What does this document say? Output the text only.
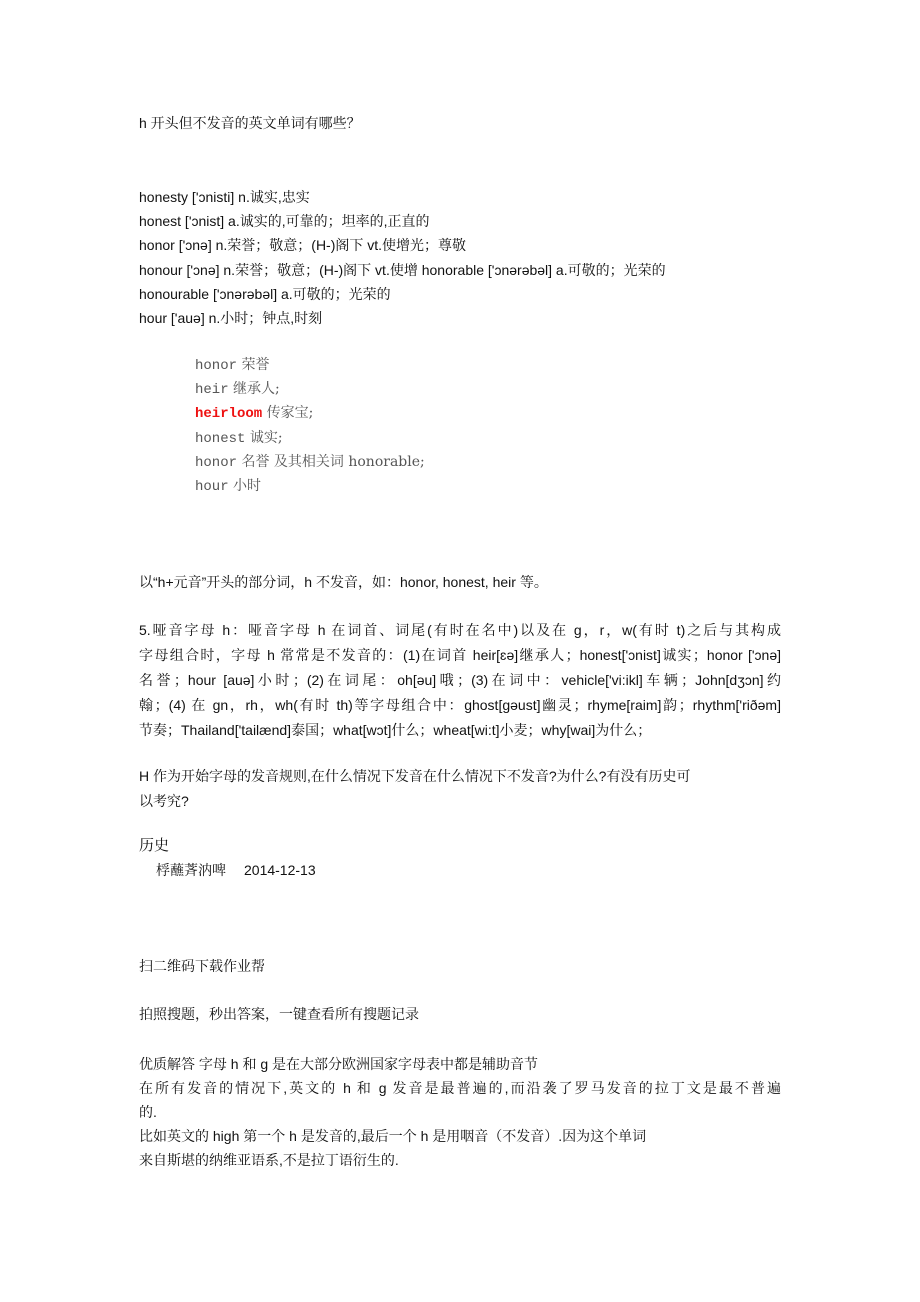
h 开头但不发音的英文单词有哪些？
honesty ['ɔnisti] n.诚实,忠实
honest ['ɔnist] a.诚实的,可靠的；坦率的,正直的
honor ['ɔnə] n.荣誉；敬意；(H-)阁下 vt.使增光；尊敬
honour ['ɔnə] n.荣誉；敬意；(H-)阁下 vt.使增 honorable ['ɔnərəbəl] a.可敬的；光荣的
honourable ['ɔnərəbəl] a.可敬的；光荣的
hour ['auə] n.小时；钟点,时刻
honor 荣誉
heir 继承人;
heirloom 传家宝;
honest 诚实;
honor 名誉 及其相关词 honorable;
hour 小时
以“h+元音”开头的部分词，h 不发音，如：honor, honest, heir 等。
5.哑音字母 h：哑音字母 h 在词首、词尾(有时在名中)以及在 g，r，w(有时 t)之后与其构成
字母组合时，字母 h 常常是不发音的：(1)在词首 heir[ɛə]继承人；honest['ɔnist]诚实；honor ['ɔnə]
名誉；hour [auə]小时；(2)在词尾：oh[əu]哦；(3)在词中：vehicle['vi:ikl]车辆；John[dʒɔn]约
翰；(4) 在 gn，rh，wh(有时 th)等字母组合中：ghost[gəust]幽灵；rhyme[raim]韵；rhythm['riðəm]
节奏；Thailand['tailænd]泰国；what[wɔt]什么；wheat[wi:t]小麦；why[wai]为什么；
H 作为开始字母的发音规则,在什么情况下发音在什么情况下不发音?为什么?有没有历史可
以考究?
历史
桴蘸萕汭啤 2014-12-13
扫二维码下载作业帮
拍照搜题，秒出答案，一键查看所有搜题记录
优质解答 字母 h 和 g 是在大部分欧洲国家字母表中都是辅助音节
在所有发音的情况下,英文的 h 和 g 发音是最普遍的,而沿袭了罗马发音的拉丁文是最不普遍
的.
比如英文的 high 第一个 h 是发音的,最后一个 h 是用咽音（不发音）.因为这个单词
来自斯堪的纳维亚语系,不是拉丁语衍生的.
